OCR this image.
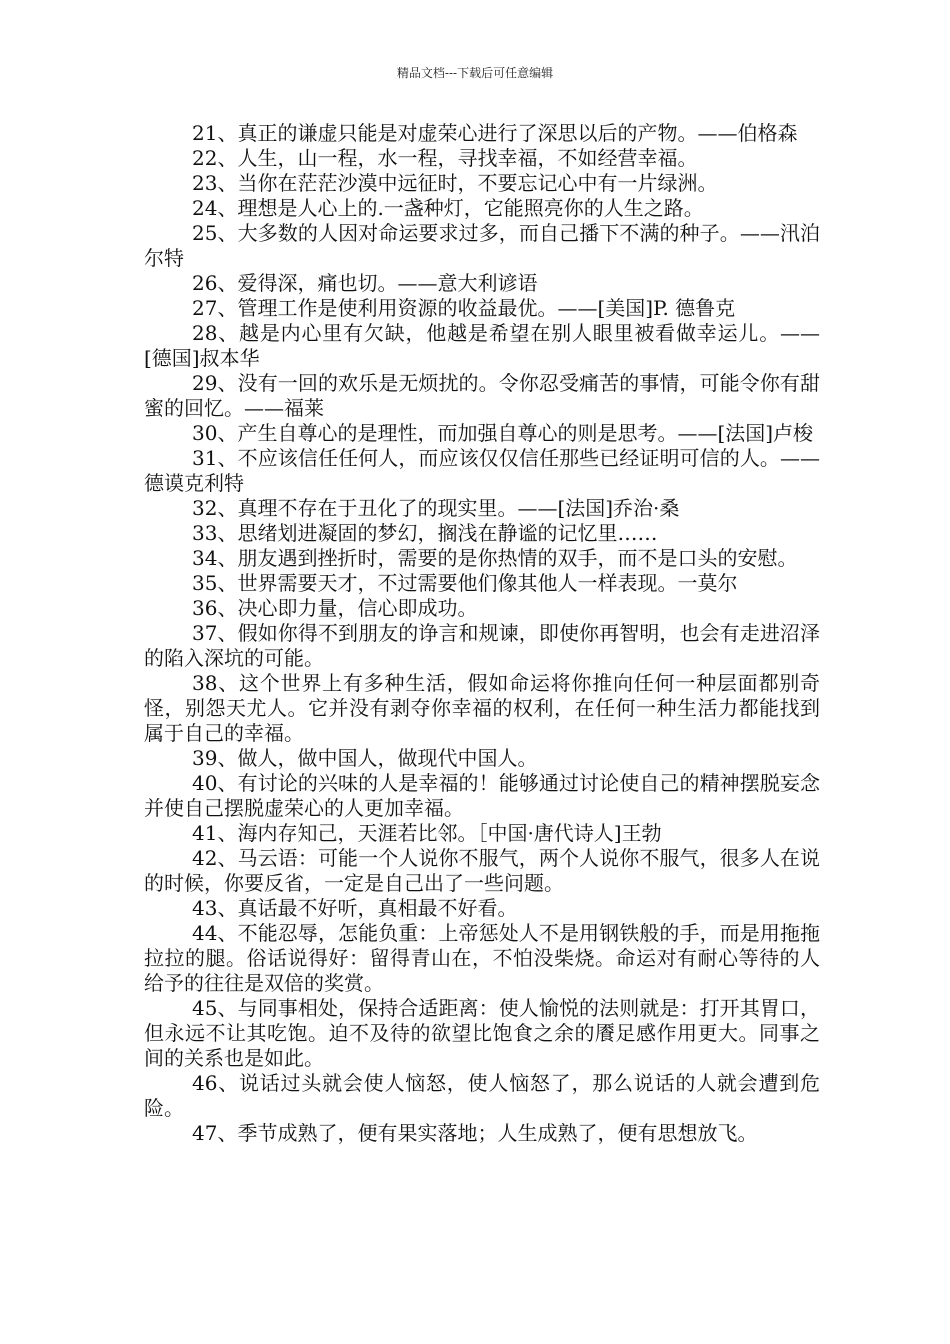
精品文档---下载后可任意编辑

21、真正的谦虚只能是对虚荣心进行了深思以后的产物。——伯格森

22、人生，山一程，水一程，寻找幸福，不如经营幸福。

23、当你在茫茫沙漠中远征时，不要忘记心中有一片绿洲。

24、理想是人心上的.一盏种灯，它能照亮你的人生之路。

25、大多数的人因对命运要求过多，而自己播下不满的种子。——汛泊尔特

26、爱得深，痛也切。——意大利谚语

27、管理工作是使利用资源的收益最优。——[美国]P. 德鲁克

28、越是内心里有欠缺，他越是希望在别人眼里被看做幸运儿。——[德国]叔本华

29、没有一回的欢乐是无烦扰的。令你忍受痛苦的事情，可能令你有甜蜜的回忆。——福莱

30、产生自尊心的是理性，而加强自尊心的则是思考。——[法国]卢梭

31、不应该信任任何人，而应该仅仅信任那些已经证明可信的人。——德谟克利特

32、真理不存在于丑化了的现实里。——[法国]乔治·桑

33、思绪划进凝固的梦幻，搁浅在静谧的记忆里……

34、朋友遇到挫折时，需要的是你热情的双手，而不是口头的安慰。

35、世界需要天才，不过需要他们像其他人一样表现。一莫尔

36、决心即力量，信心即成功。

37、假如你得不到朋友的诤言和规谏，即使你再智明，也会有走进沼泽的陷入深坑的可能。

38、这个世界上有多种生活，假如命运将你推向任何一种层面都别奇怪，别怨天尤人。它并没有剥夺你幸福的权利，在任何一种生活力都能找到属于自己的幸福。

39、做人，做中国人，做现代中国人。

40、有讨论的兴味的人是幸福的！能够通过讨论使自己的精神摆脱妄念并使自己摆脱虚荣心的人更加幸福。

41、海内存知己，天涯若比邻。［中国·唐代诗人]王勃

42、马云语：可能一个人说你不服气，两个人说你不服气，很多人在说的时候，你要反省，一定是自己出了一些问题。

43、真话最不好听，真相最不好看。

44、不能忍辱，怎能负重：上帝惩处人不是用钢铁般的手，而是用拖拖拉拉的腿。俗话说得好：留得青山在，不怕没柴烧。命运对有耐心等待的人给予的往往是双倍的奖赏。

45、与同事相处，保持合适距离：使人愉悦的法则就是：打开其胃口，但永远不让其吃饱。迫不及待的欲望比饱食之余的餍足感作用更大。同事之间的关系也是如此。

46、说话过头就会使人恼怒，使人恼怒了，那么说话的人就会遭到危险。

47、季节成熟了，便有果实落地；人生成熟了，便有思想放飞。
